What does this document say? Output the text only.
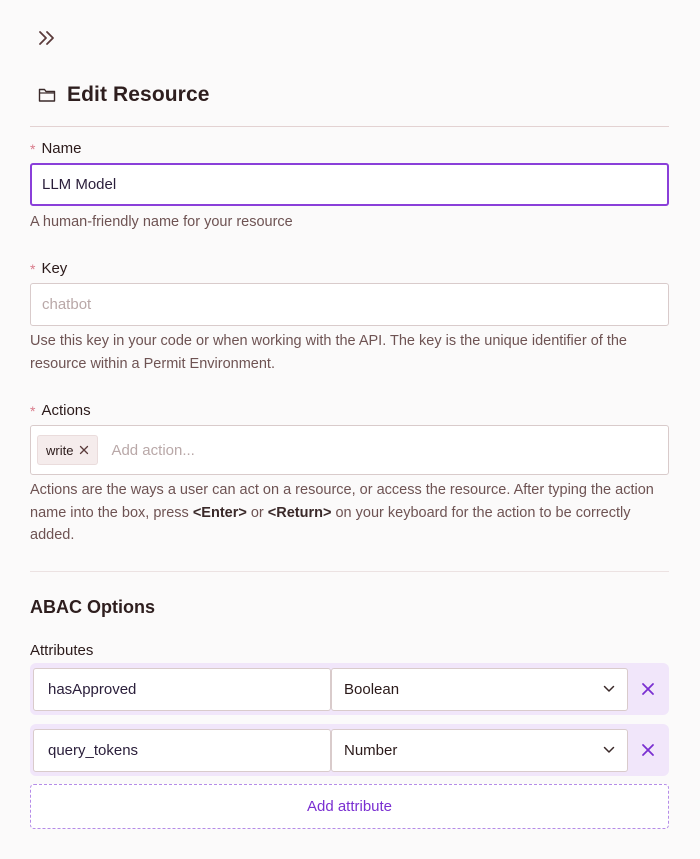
Edit Resource
* Name
LLM Model
A human-friendly name for your resource
* Key
chatbot
Use this key in your code or when working with the API. The key is the unique identifier of the resource within a Permit Environment.
* Actions
write
Add action...
Actions are the ways a user can act on a resource, or access the resource. After typing the action name into the box, press <Enter> or <Return> on your keyboard for the action to be correctly added.
ABAC Options
Attributes
hasApproved
Boolean
query_tokens
Number
Add attribute
